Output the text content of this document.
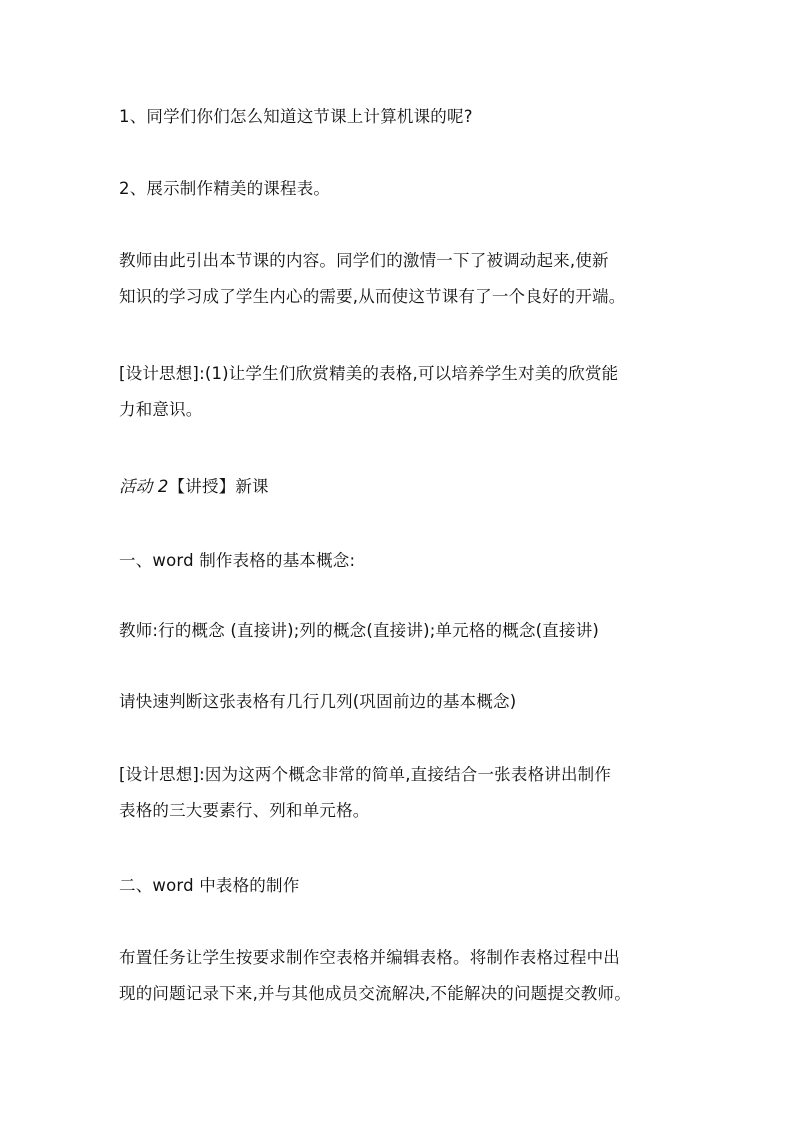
1、同学们你们怎么知道这节课上计算机课的呢?

2、展示制作精美的课程表。

教师由此引出本节课的内容。同学们的激情一下了被调动起来,使新
知识的学习成了学生内心的需要,从而使这节课有了一个良好的开端。

[设计思想]:(1)让学生们欣赏精美的表格,可以培养学生对美的欣赏能
力和意识。

活动 2【讲授】新课

一、word 制作表格的基本概念:

教师:行的概念 (直接讲);列的概念(直接讲);单元格的概念(直接讲)

请快速判断这张表格有几行几列(巩固前边的基本概念)

[设计思想]:因为这两个概念非常的简单,直接结合一张表格讲出制作
表格的三大要素行、列和单元格。

二、word 中表格的制作

布置任务让学生按要求制作空表格并编辑表格。将制作表格过程中出
现的问题记录下来,并与其他成员交流解决,不能解决的问题提交教师。
